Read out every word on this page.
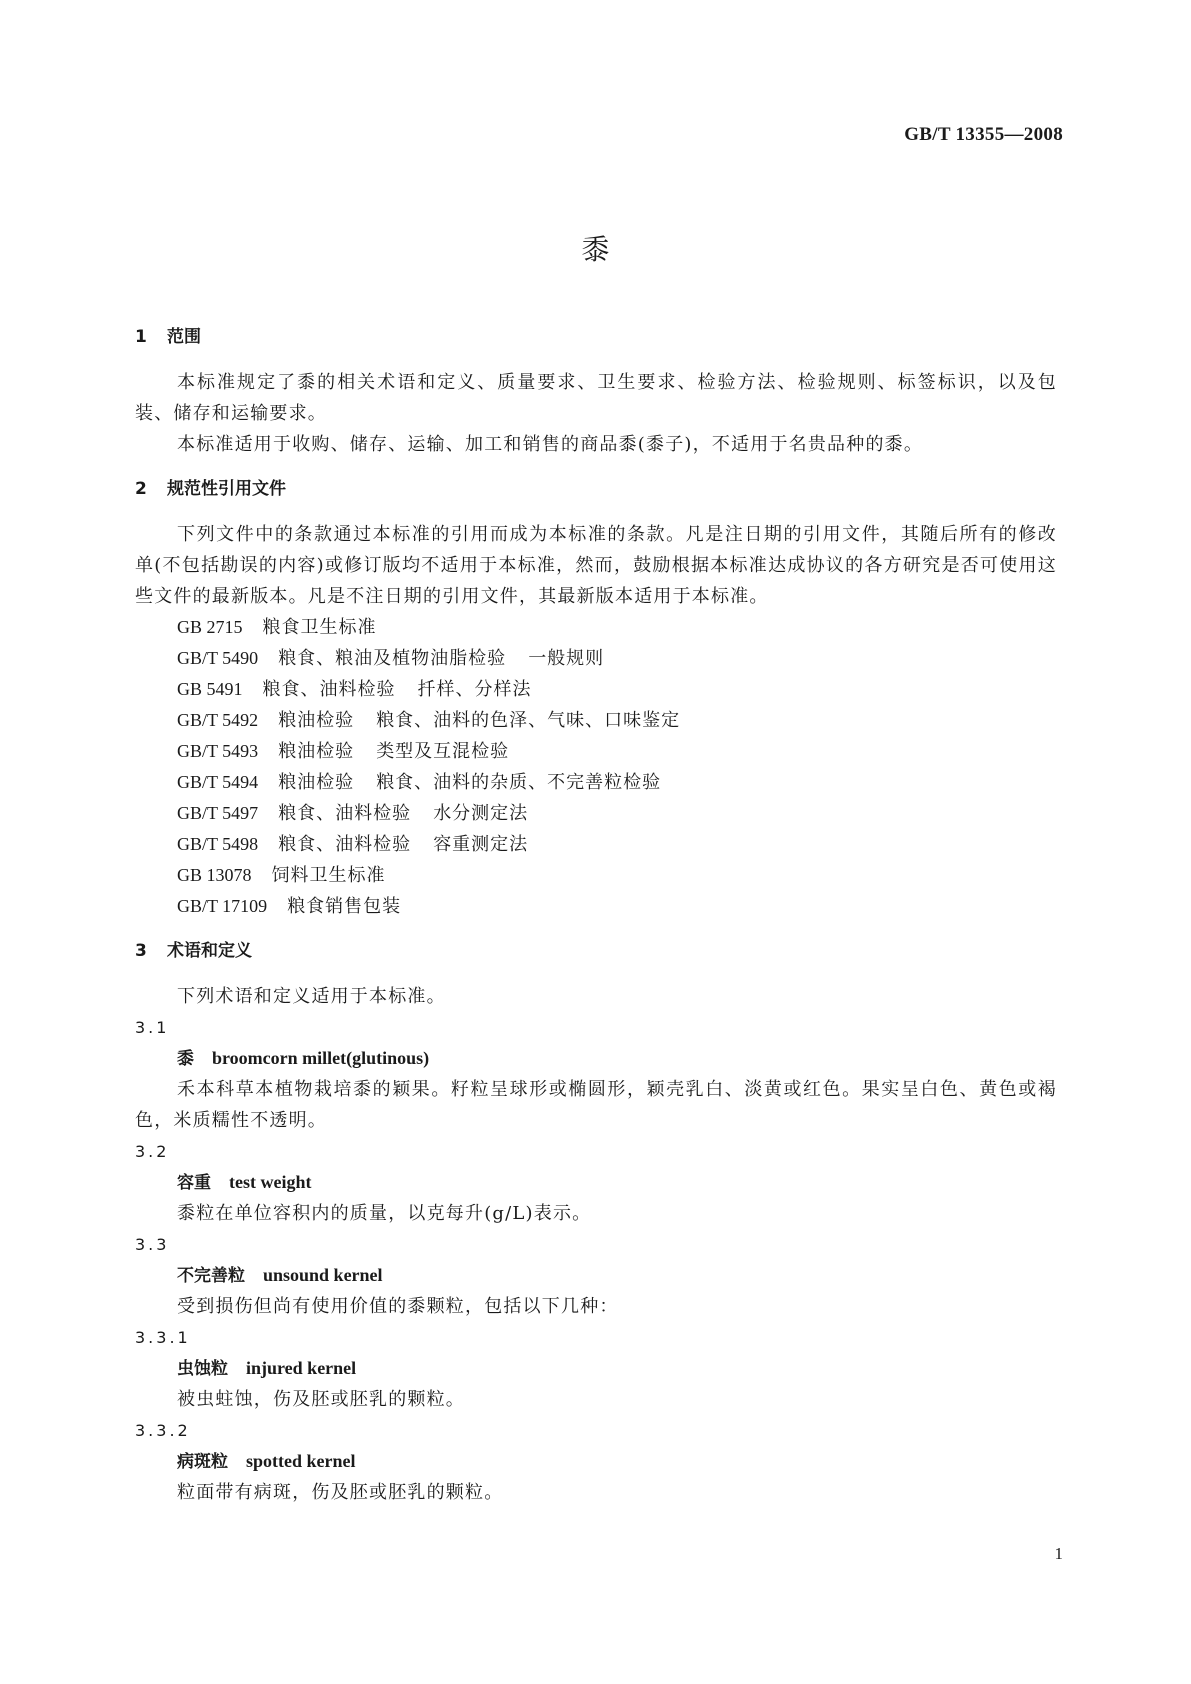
GB/T 13355—2008
黍
1 范围

本标准规定了黍的相关术语和定义、质量要求、卫生要求、检验方法、检验规则、标签标识，以及包装、储存和运输要求。

本标准适用于收购、储存、运输、加工和销售的商品黍(黍子)，不适用于名贵品种的黍。

2 规范性引用文件

下列文件中的条款通过本标准的引用而成为本标准的条款。凡是注日期的引用文件，其随后所有的修改单(不包括勘误的内容)或修订版均不适用于本标准，然而，鼓励根据本标准达成协议的各方研究是否可使用这些文件的最新版本。凡是不注日期的引用文件，其最新版本适用于本标准。

GB 2715 粮食卫生标准
GB/T 5490 粮食、粮油及植物油脂检验 一般规则
GB 5491 粮食、油料检验 扦样、分样法
GB/T 5492 粮油检验 粮食、油料的色泽、气味、口味鉴定
GB/T 5493 粮油检验 类型及互混检验
GB/T 5494 粮油检验 粮食、油料的杂质、不完善粒检验
GB/T 5497 粮食、油料检验 水分测定法
GB/T 5498 粮食、油料检验 容重测定法
GB 13078 饲料卫生标准
GB/T 17109 粮食销售包装
3 术语和定义

下列术语和定义适用于本标准。

3.1
黍 broomcorn millet(glutinous)

禾本科草本植物栽培黍的颖果。籽粒呈球形或椭圆形，颖壳乳白、淡黄或红色。果实呈白色、黄色或褐色，米质糯性不透明。

3.2
容重 test weight

黍粒在单位容积内的质量，以克每升(g/L)表示。

3.3
不完善粒 unsound kernel

受到损伤但尚有使用价值的黍颗粒，包括以下几种：

3.3.1
虫蚀粒 injured kernel

被虫蛀蚀，伤及胚或胚乳的颗粒。

3.3.2
病斑粒 spotted kernel

粒面带有病斑，伤及胚或胚乳的颗粒。

1
